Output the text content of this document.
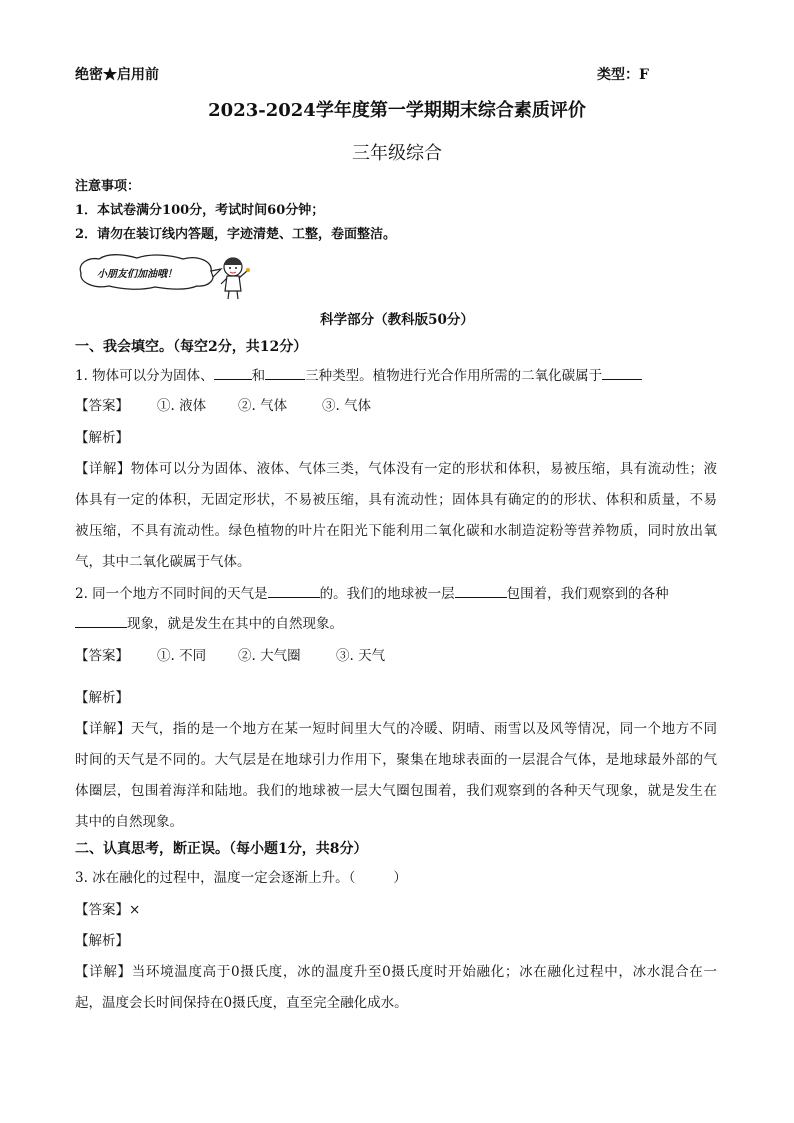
绝密★启用前	类型：F
2023-2024学年度第一学期期末综合素质评价
三年级综合
注意事项：
1．本试卷满分100分，考试时间60分钟；
2．请勿在装订线内答题，字迹清楚、工整，卷面整洁。
小朋友们加油哦！
科学部分（教科版50分）
一、我会填空。（每空2分，共12分）
1. 物体可以分为固体、	和	三种类型。植物进行光合作用所需的二氧化碳属于
【答案】 ①. 液体 ②. 气体	③. 气体
【解析】
【详解】物体可以分为固体、液体、气体三类，气体没有一定的形状和体积，易被压缩，具有流动性；液
体具有一定的体积，无固定形状，不易被压缩，具有流动性；固体具有确定的的形状、体积和质量，不易
被压缩，不具有流动性。绿色植物的叶片在阳光下能利用二氧化碳和水制造淀粉等营养物质，同时放出氧
气，其中二氧化碳属于气体。
2. 同一个地方不同时间的天气是	的。我们的地球被一层	包围着，我们观察到的各种
现象，就是发生在其中的自然现象。
【答案】 ①. 不同 ②. 大气圈	③. 天气
【解析】
【详解】天气，指的是一个地方在某一短时间里大气的冷暖、阴晴、雨雪以及风等情况，同一个地方不同
时间的天气是不同的。大气层是在地球引力作用下，聚集在地球表面的一层混合气体，是地球最外部的气
体圈层，包围着海洋和陆地。我们的地球被一层大气圈包围着，我们观察到的各种天气现象，就是发生在
其中的自然现象。
二、认真思考，断正误。（每小题1分，共8分）
3. 冰在融化的过程中，温度一定会逐渐上升。（	）
【答案】×
【解析】
【详解】当环境温度高于0摄氏度，冰的温度升至0摄氏度时开始融化；冰在融化过程中，冰水混合在一
起，温度会长时间保持在0摄氏度，直至完全融化成水。
